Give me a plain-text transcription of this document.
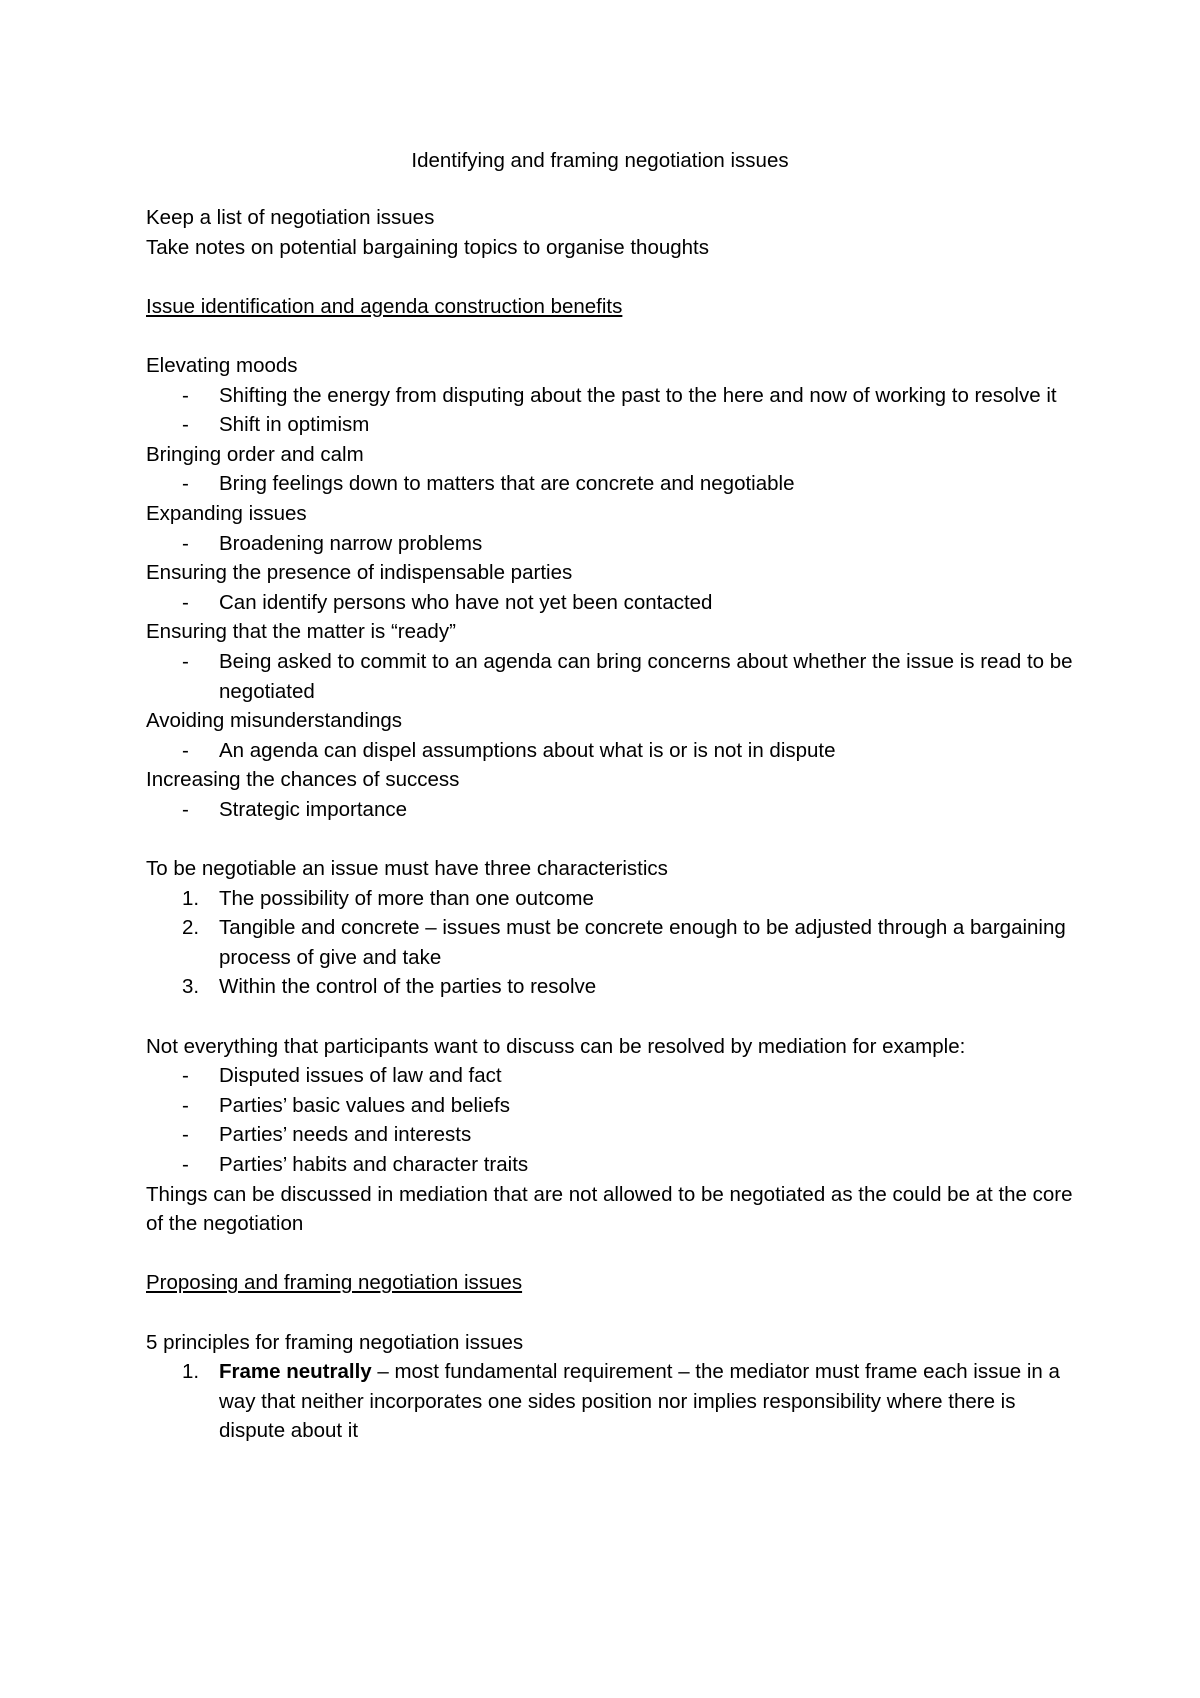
Identifying and framing negotiation issues
Keep a list of negotiation issues
Take notes on potential bargaining topics to organise thoughts
Issue identification and agenda construction benefits
Elevating moods
- Shifting the energy from disputing about the past to the here and now of working to resolve it
- Shift in optimism
Bringing order and calm
- Bring feelings down to matters that are concrete and negotiable
Expanding issues
- Broadening narrow problems
Ensuring the presence of indispensable parties
- Can identify persons who have not yet been contacted
Ensuring that the matter is “ready”
- Being asked to commit to an agenda can bring concerns about whether the issue is read to be negotiated
Avoiding misunderstandings
- An agenda can dispel assumptions about what is or is not in dispute
Increasing the chances of success
- Strategic importance
To be negotiable an issue must have three characteristics
1. The possibility of more than one outcome
2. Tangible and concrete – issues must be concrete enough to be adjusted through a bargaining process of give and take
3. Within the control of the parties to resolve
Not everything that participants want to discuss can be resolved by mediation for example:
- Disputed issues of law and fact
- Parties’ basic values and beliefs
- Parties’ needs and interests
- Parties’ habits and character traits
Things can be discussed in mediation that are not allowed to be negotiated as the could be at the core of the negotiation
Proposing and framing negotiation issues
5 principles for framing negotiation issues
1. Frame neutrally – most fundamental requirement – the mediator must frame each issue in a way that neither incorporates one sides position nor implies responsibility where there is dispute about it
